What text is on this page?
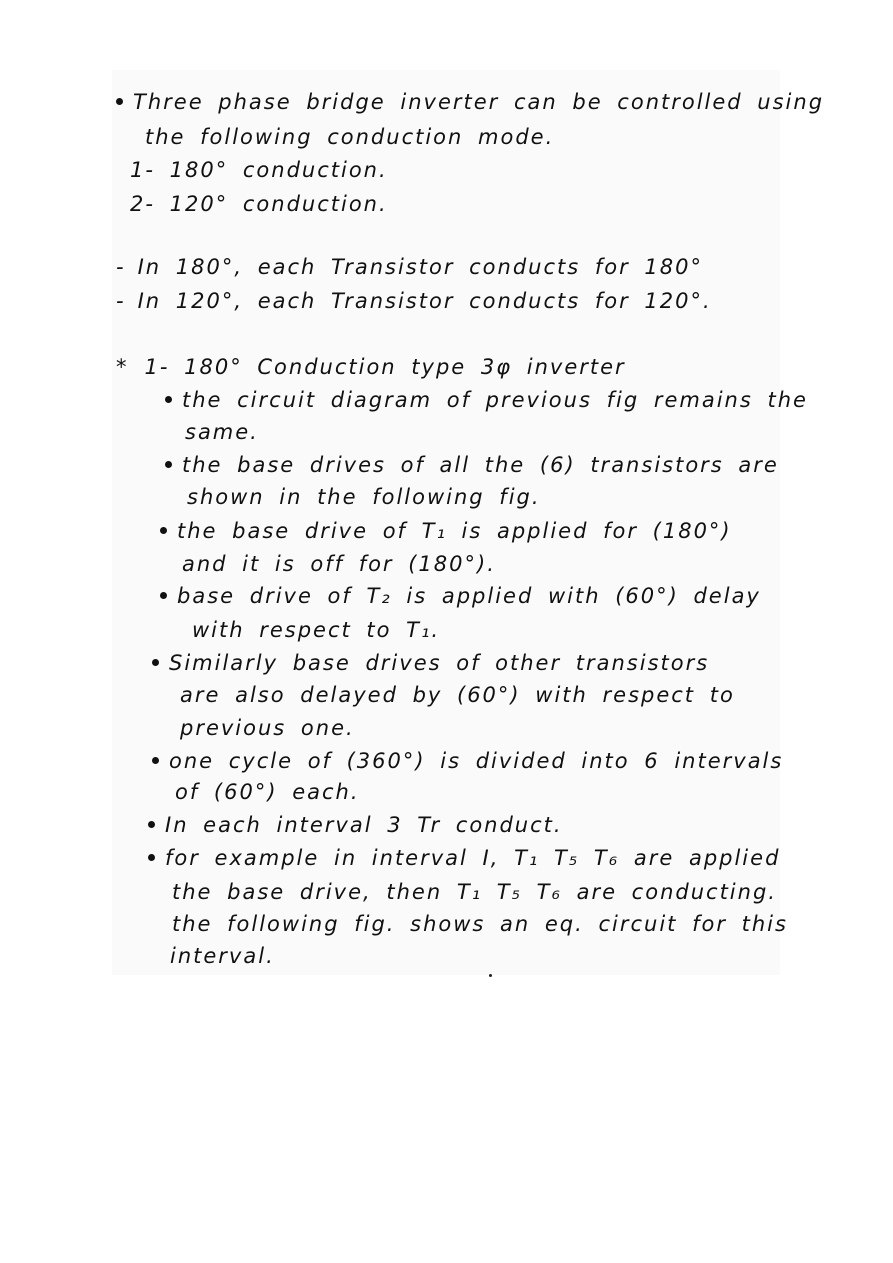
Three phase bridge inverter can be controlled using
the following conduction mode.
1- 180° conduction.
2- 120° conduction.
- In 180°, each Transistor conducts for 180°
- In 120°, each Transistor conducts for 120°.
* 1- 180° Conduction type 3φ inverter
the circuit diagram of previous fig remains the
same.
the base drives of all the (6) transistors are
shown in the following fig.
the base drive of T₁ is applied for (180°)
and it is off for (180°).
base drive of T₂ is applied with (60°) delay
with respect to T₁.
Similarly base drives of other transistors
are also delayed by (60°) with respect to
previous one.
one cycle of (360°) is divided into 6 intervals
of (60°) each.
In each interval 3 Tr conduct.
for example in interval I, T₁ T₅ T₆ are applied
the base drive, then T₁ T₅ T₆ are conducting.
the following fig. shows an eq. circuit for this
interval.
